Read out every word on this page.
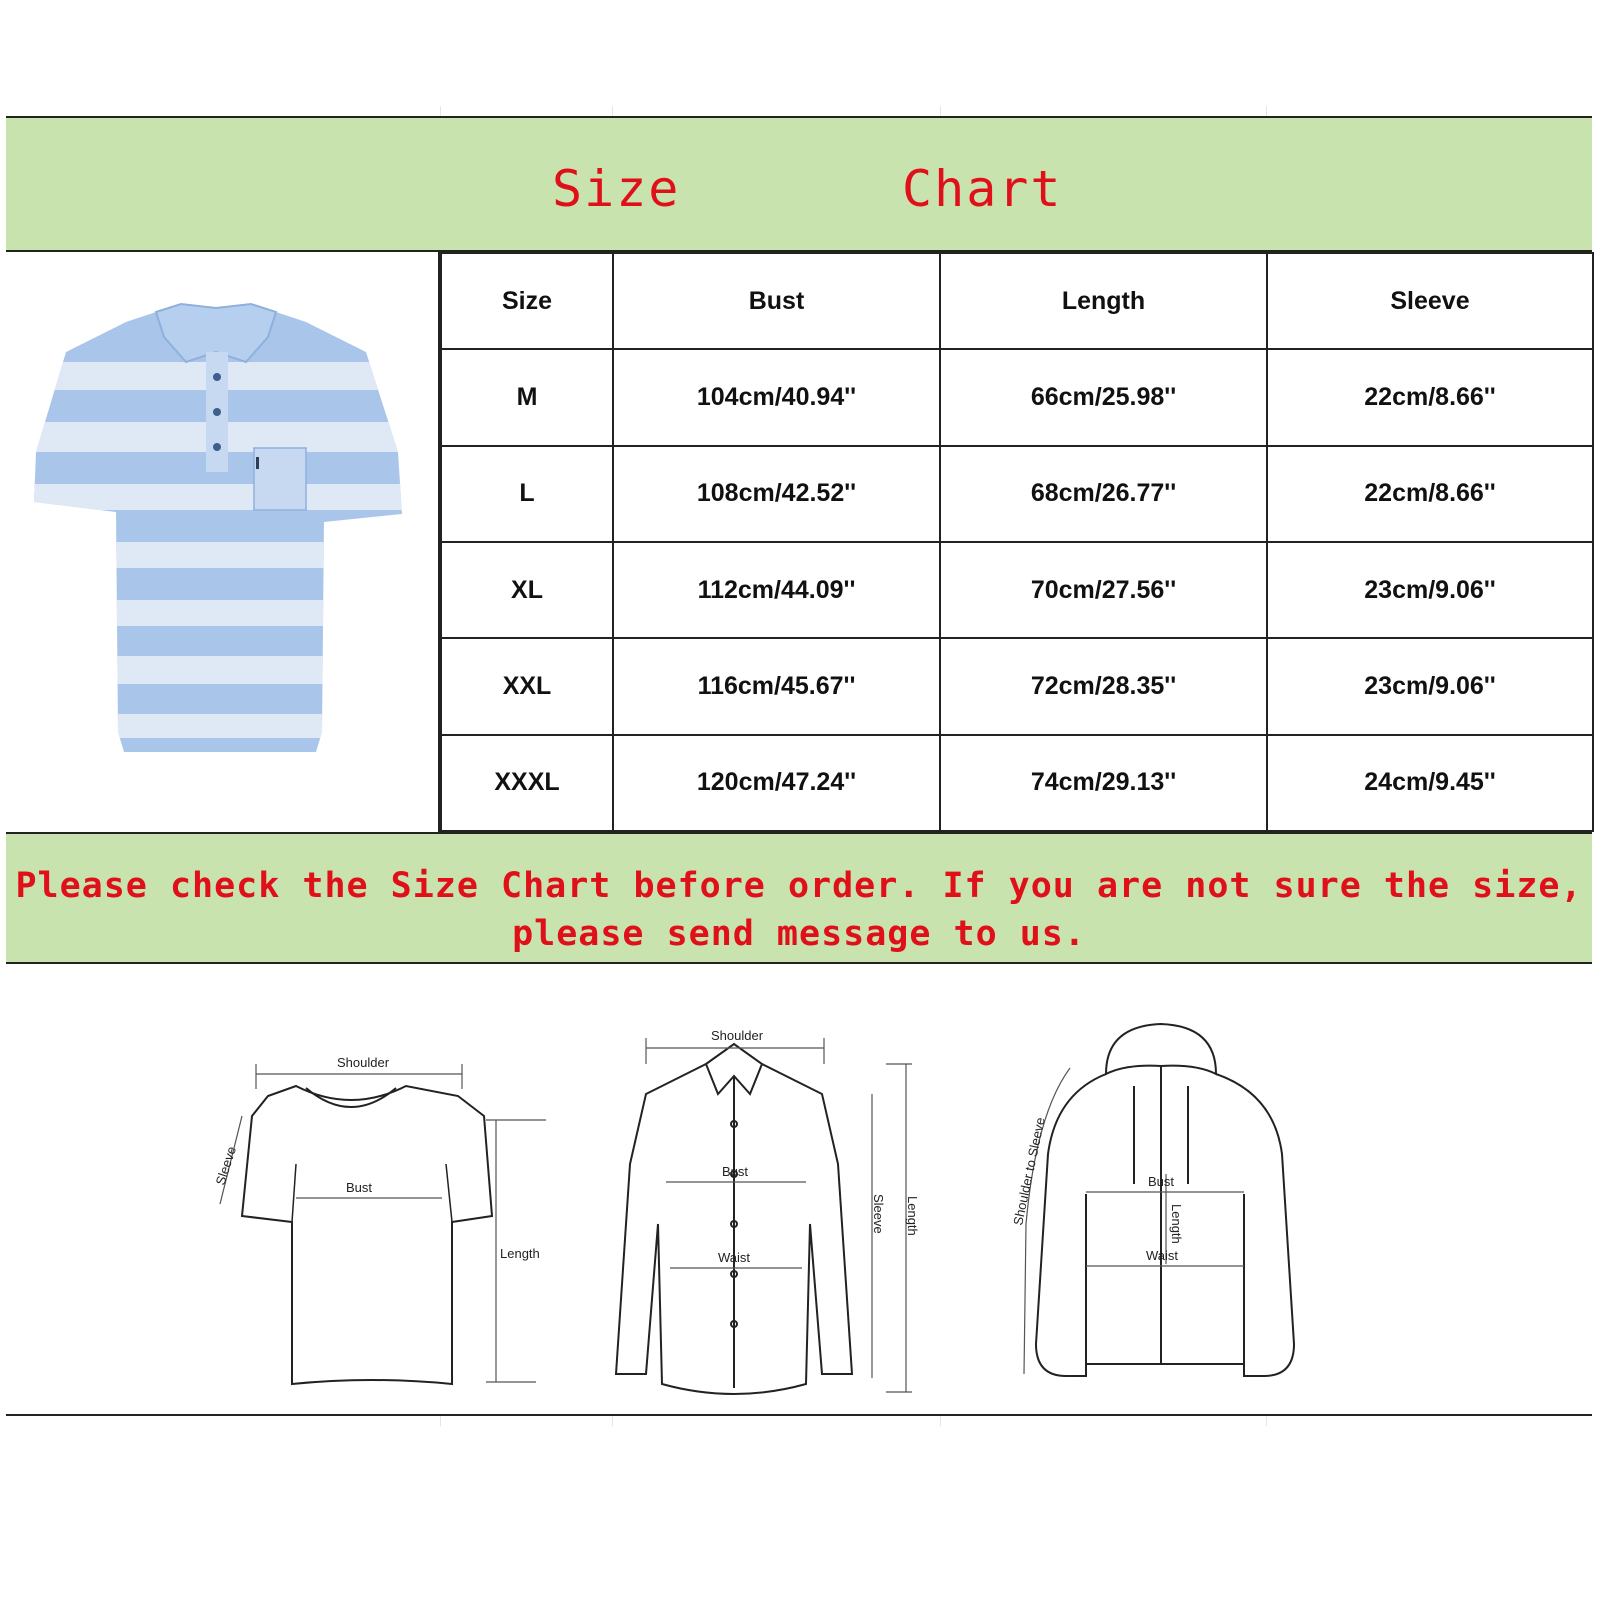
Size	Chart
Size	Bust	Length	Sleeve
M	104cm/40.94''	66cm/25.98''	22cm/8.66''
L	108cm/42.52''	68cm/26.77''	22cm/8.66''
XL	112cm/44.09''	70cm/27.56''	23cm/9.06''
XXL	116cm/45.67''	72cm/28.35''	23cm/9.06''
XXXL	120cm/47.24''	74cm/29.13''	24cm/9.45''
Please check the Size Chart before order. If you are not sure the size,
please send message to us.
Shoulder
Bust
Length
Sleeve
Shoulder
Bust
Waist
Sleeve Length
Bust
Waist
Length
Shoulder to Sleeve
